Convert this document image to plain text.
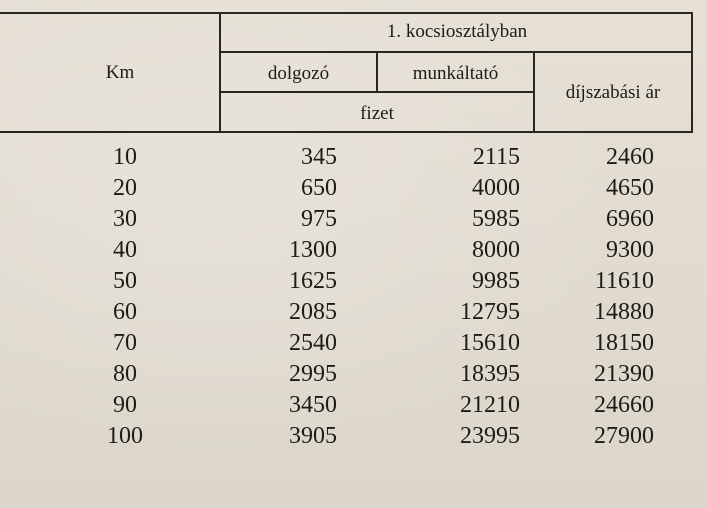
Km
1. kocsiosztályban
dolgozó	munkáltató
fizet
díjszabási ár
10	345	2115	2460
20	650	4000	4650
30	975	5985	6960
40	1300	8000	9300
50	1625	9985	11610
60	2085	12795	14880
70	2540	15610	18150
80	2995	18395	21390
90	3450	21210	24660
100	3905	23995	27900
